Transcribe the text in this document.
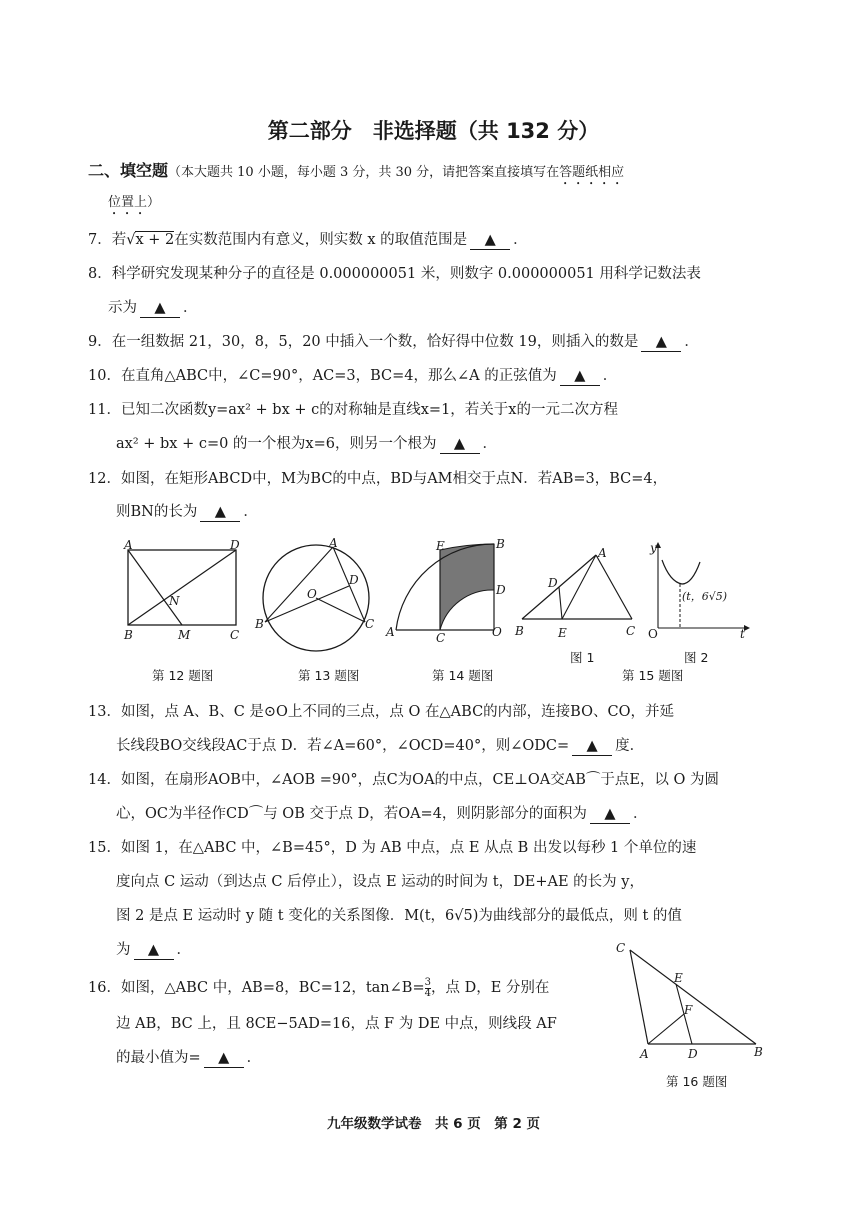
第二部分　非选择题（共 132 分）
二、填空题（本大题共 10 小题，每小题 3 分，共 30 分，请把答案直接填写在答题纸相应
位置上）
7．若√x + 2在实数范围内有意义，则实数 x 的取值范围是 ▲ ．
8．科学研究发现某种分子的直径是 0.000000051 米，则数字 0.000000051 用科学记数法表
示为 ▲ ．
9．在一组数据 21，30，8，5，20 中插入一个数，恰好得中位数 19，则插入的数是 ▲ ．
10．在直角△ABC中，∠C=90°，AC=3，BC=4，那么∠A 的正弦值为 ▲ ．
11．已知二次函数y=ax² + bx + c的对称轴是直线x=1，若关于x的一元二次方程
ax² + bx + c=0 的一个根为x=6，则另一个根为 ▲ ．
12．如图，在矩形ABCD中，M为BC的中点，BD与AM相交于点N．若AB=3，BC=4，
则BN的长为 ▲ ．
A	D
N
B	M	C
第 12 题图
A
O
D
B	C
第 13 题图
E	B
D
A	C	O
第 14 题图
A
D
B	E	C
图 1
y
O	t
(t，6√5)
图 2
第 15 题图
13．如图，点 A、B、C 是⊙O上不同的三点，点 O 在△ABC的内部，连接BO、CO，并延
长线段BO交线段AC于点 D．若∠A=60°，∠OCD=40°，则∠ODC= ▲ 度．
14．如图，在扇形AOB中，∠AOB =90°，点C为OA的中点，CE⊥OA交AB⌒于点E，以 O 为圆
心，OC为半径作CD⌒与 OB 交于点 D，若OA=4，则阴影部分的面积为 ▲ ．
15．如图 1，在△ABC 中，∠B=45°，D 为 AB 中点，点 E 从点 B 出发以每秒 1 个单位的速
度向点 C 运动（到达点 C 后停止），设点 E 运动的时间为 t，DE+AE 的长为 y，
图 2 是点 E 运动时 y 随 t 变化的关系图像．M(t，6√5)为曲线部分的最低点，则 t 的值
为 ▲ ．
16．如图，△ABC 中，AB=8，BC=12，tan∠B= $\frac{3}{4}$ ，点 D，E 分别在
边 AB，BC 上，且 8CE−5AD=16，点 F 为 DE 中点，则线段 AF
的最小值为= ▲ ．
C
E
F
A	D	B
第 16 题图
九年级数学试卷　共 6 页　第 2 页
